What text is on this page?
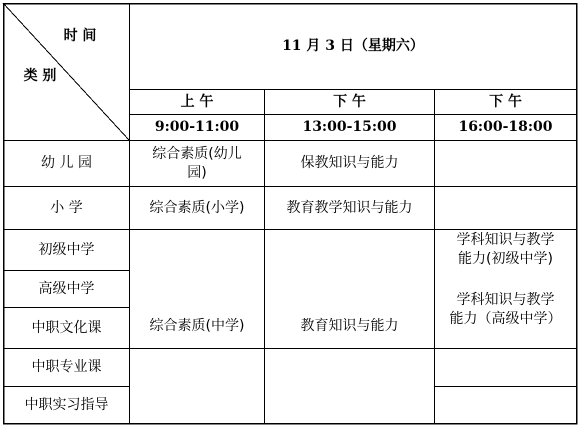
时 间
类 别
11 月 3 日（星期六）
上 午
9:00-11:00
下 午
13:00-15:00
下 午
16:00-18:00
幼 儿 园
小 学
初级中学
高级中学
中职文化课
中职专业课
中职实习指导
综合素质(幼儿
园)
保教知识与能力
综合素质(小学)	教育教学知识与能力
综合素质(中学)	教育知识与能力
学科知识与教学
能力(初级中学)
学科知识与教学
能力（高级中学）
